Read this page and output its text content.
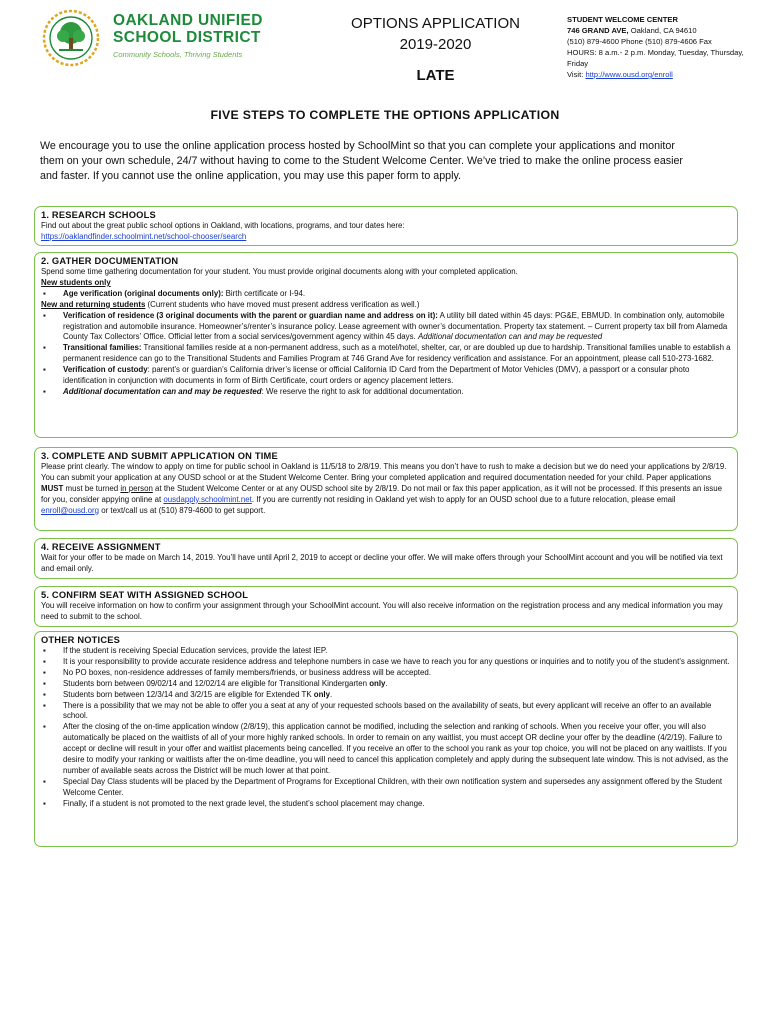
OAKLAND UNIFIED
SCHOOL DISTRICT
Community Schools, Thriving Students
OPTIONS APPLICATION
2019-2020
LATE
STUDENT WELCOME CENTER
746 GRAND AVE, Oakland, CA 94610
(510) 879-4600 Phone (510) 879-4606 Fax
HOURS: 8 a.m.- 2 p.m. Monday, Tuesday, Thursday, Friday
Visit: http://www.ousd.org/enroll
FIVE STEPS TO COMPLETE THE OPTIONS APPLICATION
We encourage you to use the online application process hosted by SchoolMint so that you can complete your applications and monitor them on your own schedule, 24/7 without having to come to the Student Welcome Center. We’ve tried to make the online process easier and faster. If you cannot use the online application, you may use this paper form to apply.
1. RESEARCH SCHOOLS

Find out about the great public school options in Oakland, with locations, programs, and tour dates here:

https://oaklandfinder.schoolmint.net/school-chooser/search

2. GATHER DOCUMENTATION

Spend some time gathering documentation for your student. You must provide original documents along with your completed application.

New students only

▪ Age verification (original documents only): Birth certificate or I-94.

New and returning students (Current students who have moved must present address verification as well.)

▪ Verification of residence (3 original documents with the parent or guardian name and address on it): A utility bill dated within 45 days: PG&E, EBMUD. In combination only, automobile registration and automobile insurance. Homeowner’s/renter’s insurance policy. Lease agreement with owner’s documentation. Property tax statement. – Current property tax bill from Alameda County Tax Collectors’ Office. Official letter from a social services/government agency within 45 days. Additional documentation can and may be requested
▪ Transitional families: Transitional families reside at a non-permanent address, such as a motel/hotel, shelter, car, or are doubled up due to hardship. Transitional families unable to establish a permanent residence can go to the Transitional Students and Families Program at 746 Grand Ave for residency verification and assistance. For an appointment, please call 510-273-1682.
▪ Verification of custody: parent’s or guardian’s California driver’s license or official California ID Card from the Department of Motor Vehicles (DMV), a passport or a consular photo identification in conjunction with documents in form of Birth Certificate, court orders or agency placement letters.
▪ Additional documentation can and may be requested: We reserve the right to ask for additional documentation.
3. COMPLETE AND SUBMIT APPLICATION ON TIME

Please print clearly. The window to apply on time for public school in Oakland is 11/5/18 to 2/8/19. This means you don’t have to rush to make a decision but we do need your applications by 2/8/19. You can submit your application at any OUSD school or at the Student Welcome Center. Bring your completed application and required documentation needed for your child. Paper applications MUST must be turned in person at the Student Welcome Center or at any OUSD school site by 2/8/19. Do not mail or fax this paper application, as it will not be processed. If this presents an issue for you, consider appying online at ousdapply.schoolmint.net. If you are currently not residing in Oakland yet wish to apply for an OUSD school due to a future relocation, please email enroll@ousd.org or text/call us at (510) 879-4600 to get support.

4. RECEIVE ASSIGNMENT

Wait for your offer to be made on March 14, 2019. You’ll have until April 2, 2019 to accept or decline your offer. We will make offers through your SchoolMint account and you will be notified via text and email only.

5. CONFIRM SEAT WITH ASSIGNED SCHOOL

You will receive information on how to confirm your assignment through your SchoolMint account. You will also receive information on the registration process and any medical information you may need to submit to the school.

OTHER NOTICES
▪ If the student is receiving Special Education services, provide the latest IEP.
▪ It is your responsibility to provide accurate residence address and telephone numbers in case we have to reach you for any questions or inquiries and to notify you of the student’s assignment.
▪ No PO boxes, non-residence addresses of family members/friends, or business address will be accepted.
▪ Students born between 09/02/14 and 12/02/14 are eligible for Transitional Kindergarten only.
▪ Students born between 12/3/14 and 3/2/15 are eligible for Extended TK only.
▪ There is a possibility that we may not be able to offer you a seat at any of your requested schools based on the availability of seats, but every applicant will receive an offer to an available school.
▪ After the closing of the on-time application window (2/8/19), this application cannot be modified, including the selection and ranking of schools. When you receive your offer, you will also automatically be placed on the waitlists of all of your more highly ranked schools. In order to remain on any waitlist, you must accept OR decline your offer by the deadline (4/2/19). Failure to accept or decline will result in your offer and waitlist placements being cancelled. If you receive an offer to the school you rank as your top choice, you will not be placed on any waitlists. If you desire to modify your ranking or waitlists after the on-time deadline, you will need to cancel this application completely and apply during the subsequent late window. This is not advised, as the number of available seats across the District will be much lower at that point.
▪ Special Day Class students will be placed by the Department of Programs for Exceptional Children, with their own notification system and supersedes any assignment offered by the Student Welcome Center.
▪ Finally, if a student is not promoted to the next grade level, the student’s school placement may change.
